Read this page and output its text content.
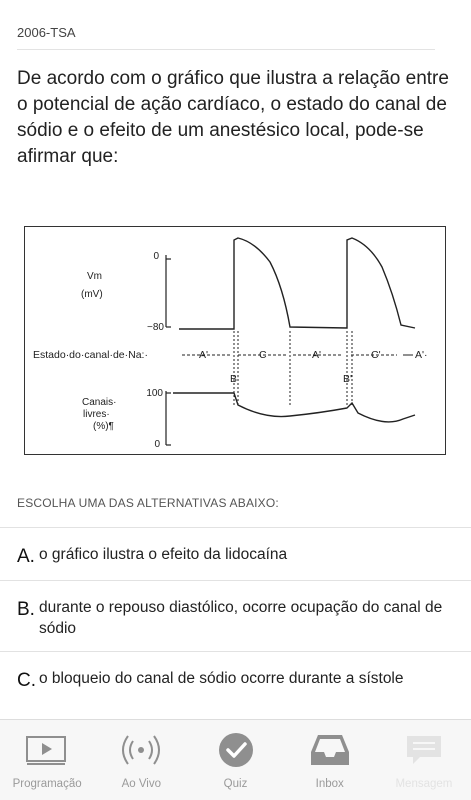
2006-TSA
De acordo com o gráfico que ilustra a relação entre o potencial de ação cardíaco, o estado do canal de sódio e o efeito de um anestésico local, pode-se afirmar que:
0
−80
Vm
(mV)
Estado·do·canal·de·Na:·	A'	C	A'	C'	A'·
B'	B'
100
0
Canais·
livres·
(%)¶
ESCOLHA UMA DAS ALTERNATIVAS ABAIXO:
A. o gráfico ilustra o efeito da lidocaína
B. durante o repouso diastólico, ocorre ocupação do canal de sódio
C. o bloqueio do canal de sódio ocorre durante a sístole
Programação	Ao Vivo	Quiz	Inbox	Mensagem
